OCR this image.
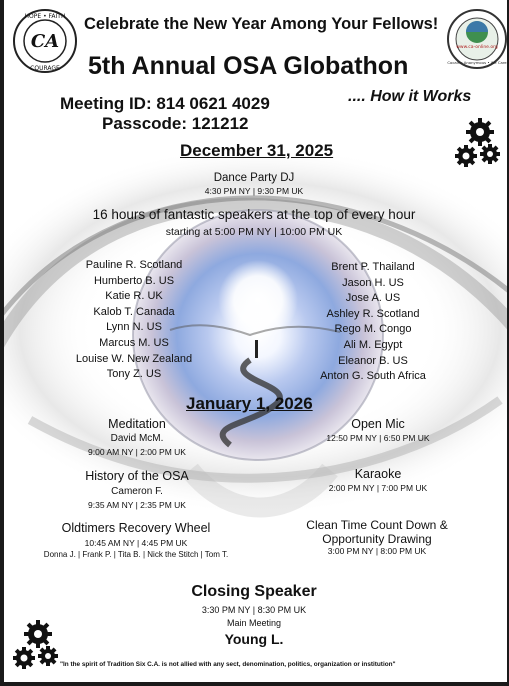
CA
HOPE • FAITH
COURAGE
www.ca-online.org
Cocaine Anonymous • We Care
Celebrate the New Year Among Your Fellows!
5th Annual OSA Globathon
Meeting ID: 814 0621 4029
Passcode: 121212
.... How it Works
December 31, 2025
Dance Party DJ
4:30 PM NY | 9:30 PM UK
16 hours of fantastic speakers at the top of every hour
starting at 5:00 PM NY | 10:00 PM UK
Pauline R. Scotland
Humberto B. US
Katie R. UK
Kalob T. Canada
Lynn N. US
Marcus M. US
Louise W. New Zealand
Tony Z. US
Brent P. Thailand
Jason H. US
Jose A. US
Ashley R. Scotland
Rego M. Congo
Ali M. Egypt
Eleanor B. US
Anton G. South Africa
January 1, 2026
Meditation
David McM.
9:00 AM NY | 2:00 PM UK
Open Mic
12:50 PM NY | 6:50 PM UK
History of the OSA
Cameron F.
9:35 AM NY | 2:35 PM UK
Karaoke
2:00 PM NY | 7:00 PM UK
Oldtimers Recovery Wheel
10:45 AM NY | 4:45 PM UK
Donna J. | Frank P. | Tita B. | Nick the Stitch | Tom T.
Clean Time Count Down &
Opportunity Drawing
3:00 PM NY | 8:00 PM UK
Closing Speaker
3:30 PM NY | 8:30 PM UK
Main Meeting
Young L.
"In the spirit of Tradition Six C.A. is not allied with any sect, denomination, politics, organization or institution"
